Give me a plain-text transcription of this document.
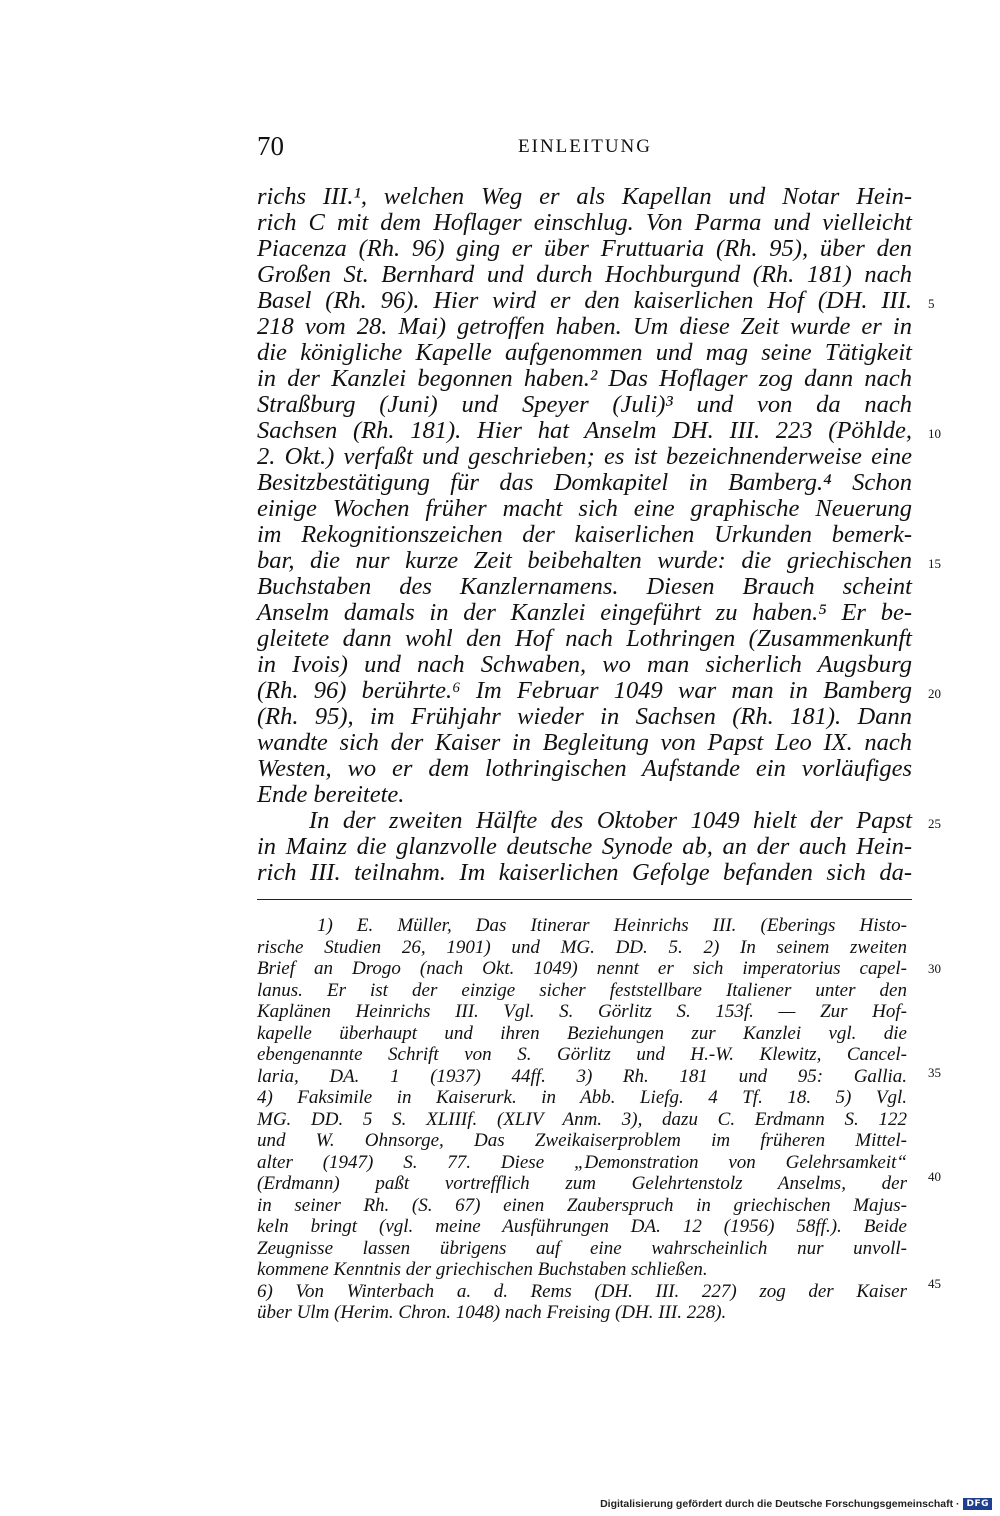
70	EINLEITUNG
richs III.¹, welchen Weg er als Kapellan und Notar Hein-
rich C mit dem Hoflager einschlug. Von Parma und vielleicht
Piacenza (Rh. 96) ging er über Fruttuaria (Rh. 95), über den
Großen St. Bernhard und durch Hochburgund (Rh. 181) nach
Basel (Rh. 96). Hier wird er den kaiserlichen Hof (DH. III.
218 vom 28. Mai) getroffen haben. Um diese Zeit wurde er in
die königliche Kapelle aufgenommen und mag seine Tätigkeit
in der Kanzlei begonnen haben.² Das Hoflager zog dann nach
Straßburg (Juni) und Speyer (Juli)³ und von da nach
Sachsen (Rh. 181). Hier hat Anselm DH. III. 223 (Pöhlde,
2. Okt.) verfaßt und geschrieben; es ist bezeichnenderweise eine
Besitzbestätigung für das Domkapitel in Bamberg.⁴ Schon
einige Wochen früher macht sich eine graphische Neuerung
im Rekognitionszeichen der kaiserlichen Urkunden bemerk-
bar, die nur kurze Zeit beibehalten wurde: die griechischen
Buchstaben des Kanzlernamens. Diesen Brauch scheint
Anselm damals in der Kanzlei eingeführt zu haben.⁵ Er be-
gleitete dann wohl den Hof nach Lothringen (Zusammenkunft
in Ivois) und nach Schwaben, wo man sicherlich Augsburg
(Rh. 96) berührte.⁶ Im Februar 1049 war man in Bamberg
(Rh. 95), im Frühjahr wieder in Sachsen (Rh. 181). Dann
wandte sich der Kaiser in Begleitung von Papst Leo IX. nach
Westen, wo er dem lothringischen Aufstande ein vorläufiges
Ende bereitete.
In der zweiten Hälfte des Oktober 1049 hielt der Papst
in Mainz die glanzvolle deutsche Synode ab, an der auch Hein-
rich III. teilnahm. Im kaiserlichen Gefolge befanden sich da-
1) E. Müller, Das Itinerar Heinrichs III. (Eberings Histo-
rische Studien 26, 1901) und MG. DD. 5. 2) In seinem zweiten
Brief an Drogo (nach Okt. 1049) nennt er sich imperatorius capel-
lanus. Er ist der einzige sicher feststellbare Italiener unter den
Kaplänen Heinrichs III. Vgl. S. Görlitz S. 153f. — Zur Hof-
kapelle überhaupt und ihren Beziehungen zur Kanzlei vgl. die
ebengenannte Schrift von S. Görlitz und H.-W. Klewitz, Cancel-
laria, DA. 1 (1937) 44ff. 3) Rh. 181 und 95: Gallia.
4) Faksimile in Kaiserurk. in Abb. Liefg. 4 Tf. 18. 5) Vgl.
MG. DD. 5 S. XLIIIf. (XLIV Anm. 3), dazu C. Erdmann S. 122
und W. Ohnsorge, Das Zweikaiserproblem im früheren Mittel-
alter (1947) S. 77. Diese „Demonstration von Gelehrsamkeit“
(Erdmann) paßt vortrefflich zum Gelehrtenstolz Anselms, der
in seiner Rh. (S. 67) einen Zauberspruch in griechischen Majus-
keln bringt (vgl. meine Ausführungen DA. 12 (1956) 58ff.). Beide
Zeugnisse lassen übrigens auf eine wahrscheinlich nur unvoll-
kommene Kenntnis der griechischen Buchstaben schließen.
6) Von Winterbach a. d. Rems (DH. III. 227) zog der Kaiser
über Ulm (Herim. Chron. 1048) nach Freising (DH. III. 228).
5
10
15
20
25
30
35
40
45
Digitalisierung gefördert durch die Deutsche Forschungsgemeinschaft · DFG
